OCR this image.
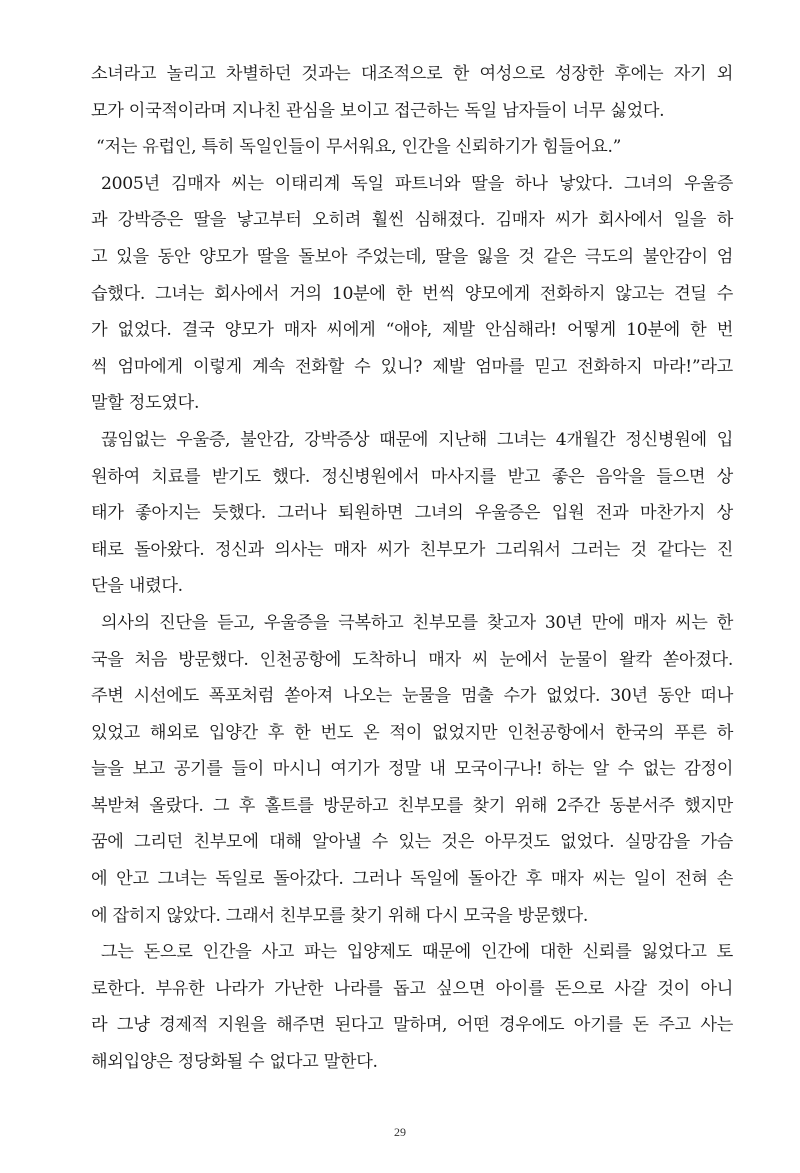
소녀라고 놀리고 차별하던 것과는 대조적으로 한 여성으로 성장한 후에는 자기 외
모가 이국적이라며 지나친 관심을 보이고 접근하는 독일 남자들이 너무 싫었다.
“저는 유럽인, 특히 독일인들이 무서워요, 인간을 신뢰하기가 힘들어요.”
2005년 김매자 씨는 이태리계 독일 파트너와 딸을 하나 낳았다. 그녀의 우울증
과 강박증은 딸을 낳고부터 오히려 훨씬 심해졌다. 김매자 씨가 회사에서 일을 하
고 있을 동안 양모가 딸을 돌보아 주었는데, 딸을 잃을 것 같은 극도의 불안감이 엄
습했다. 그녀는 회사에서 거의 10분에 한 번씩 양모에게 전화하지 않고는 견딜 수
가 없었다. 결국 양모가 매자 씨에게 “애야, 제발 안심해라! 어떻게 10분에 한 번
씩 엄마에게 이렇게 계속 전화할 수 있니? 제발 엄마를 믿고 전화하지 마라!”라고
말할 정도였다.
끊임없는 우울증, 불안감, 강박증상 때문에 지난해 그녀는 4개월간 정신병원에 입
원하여 치료를 받기도 했다. 정신병원에서 마사지를 받고 좋은 음악을 들으면 상
태가 좋아지는 듯했다. 그러나 퇴원하면 그녀의 우울증은 입원 전과 마찬가지 상
태로 돌아왔다. 정신과 의사는 매자 씨가 친부모가 그리워서 그러는 것 같다는 진
단을 내렸다.
의사의 진단을 듣고, 우울증을 극복하고 친부모를 찾고자 30년 만에 매자 씨는 한
국을 처음 방문했다. 인천공항에 도착하니 매자 씨 눈에서 눈물이 왈칵 쏟아졌다.
주변 시선에도 폭포처럼 쏟아져 나오는 눈물을 멈출 수가 없었다. 30년 동안 떠나
있었고 해외로 입양간 후 한 번도 온 적이 없었지만 인천공항에서 한국의 푸른 하
늘을 보고 공기를 들이 마시니 여기가 정말 내 모국이구나! 하는 알 수 없는 감정이
복받쳐 올랐다. 그 후 홀트를 방문하고 친부모를 찾기 위해 2주간 동분서주 했지만
꿈에 그리던 친부모에 대해 알아낼 수 있는 것은 아무것도 없었다. 실망감을 가슴
에 안고 그녀는 독일로 돌아갔다. 그러나 독일에 돌아간 후 매자 씨는 일이 전혀 손
에 잡히지 않았다. 그래서 친부모를 찾기 위해 다시 모국을 방문했다.
그는 돈으로 인간을 사고 파는 입양제도 때문에 인간에 대한 신뢰를 잃었다고 토
로한다. 부유한 나라가 가난한 나라를 돕고 싶으면 아이를 돈으로 사갈 것이 아니
라 그냥 경제적 지원을 해주면 된다고 말하며, 어떤 경우에도 아기를 돈 주고 사는
해외입양은 정당화될 수 없다고 말한다.
29
